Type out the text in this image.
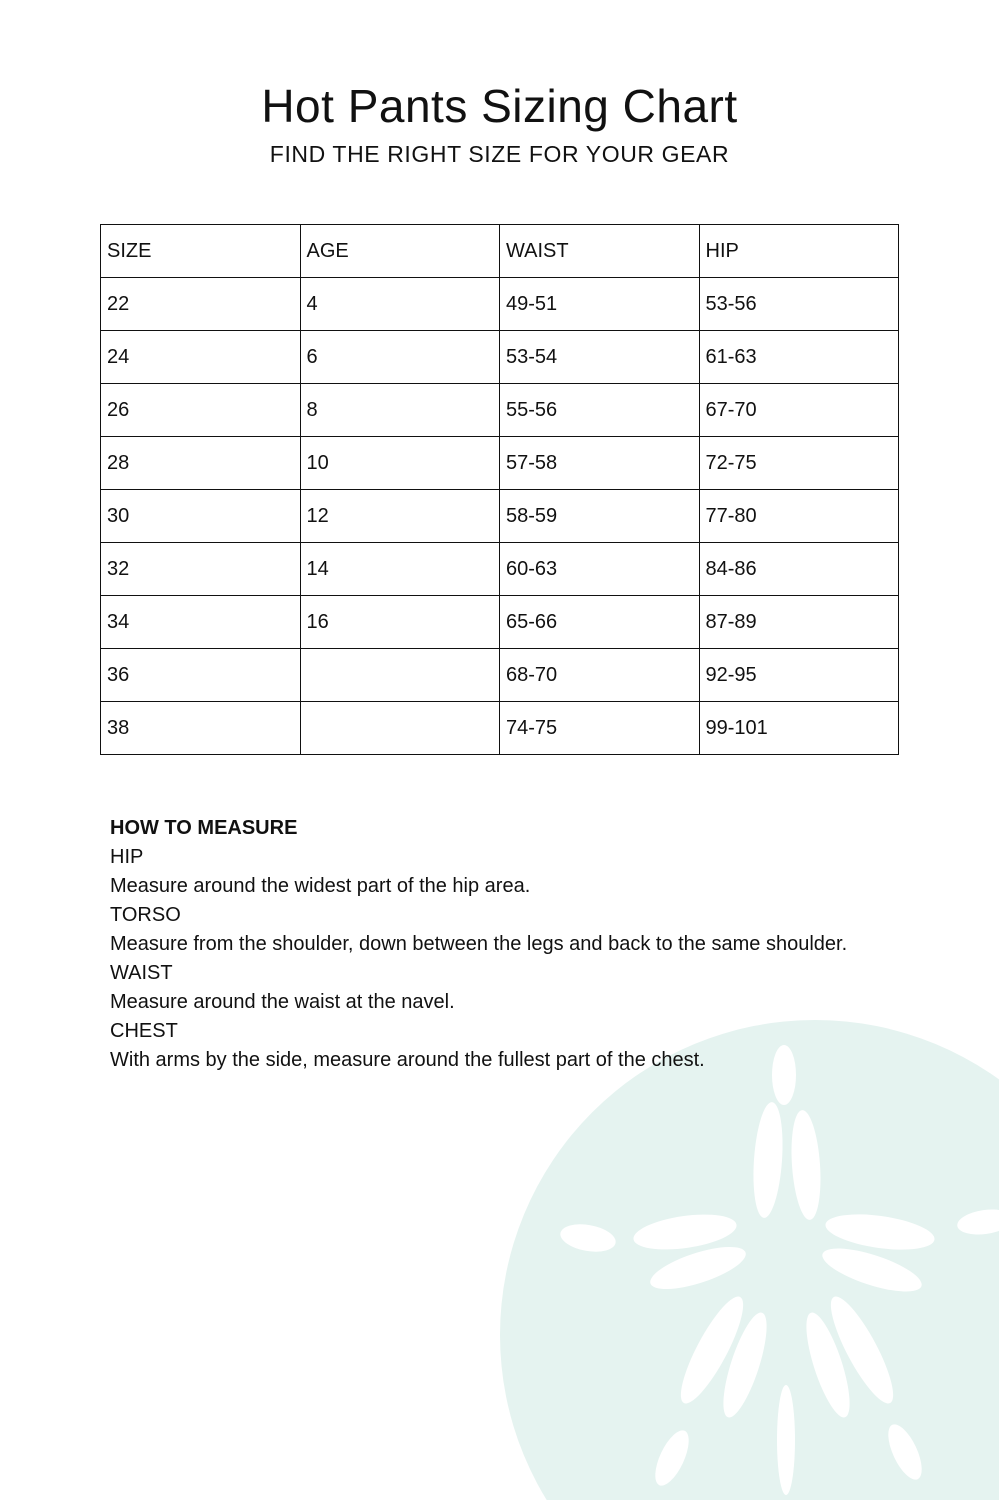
Hot Pants Sizing Chart
FIND THE RIGHT SIZE FOR YOUR GEAR
SIZE	AGE	WAIST	HIP
22	4	49-51	53-56
24	6	53-54	61-63
26	8	55-56	67-70
28	10	57-58	72-75
30	12	58-59	77-80
32	14	60-63	84-86
34	16	65-66	87-89
36		68-70	92-95
38		74-75	99-101
HOW TO MEASURE
HIP
Measure around the widest part of the hip area.
TORSO
Measure from the shoulder, down between the legs and back to the same shoulder.
WAIST
Measure around the waist at the navel.
CHEST
With arms by the side, measure around the fullest part of the chest.
